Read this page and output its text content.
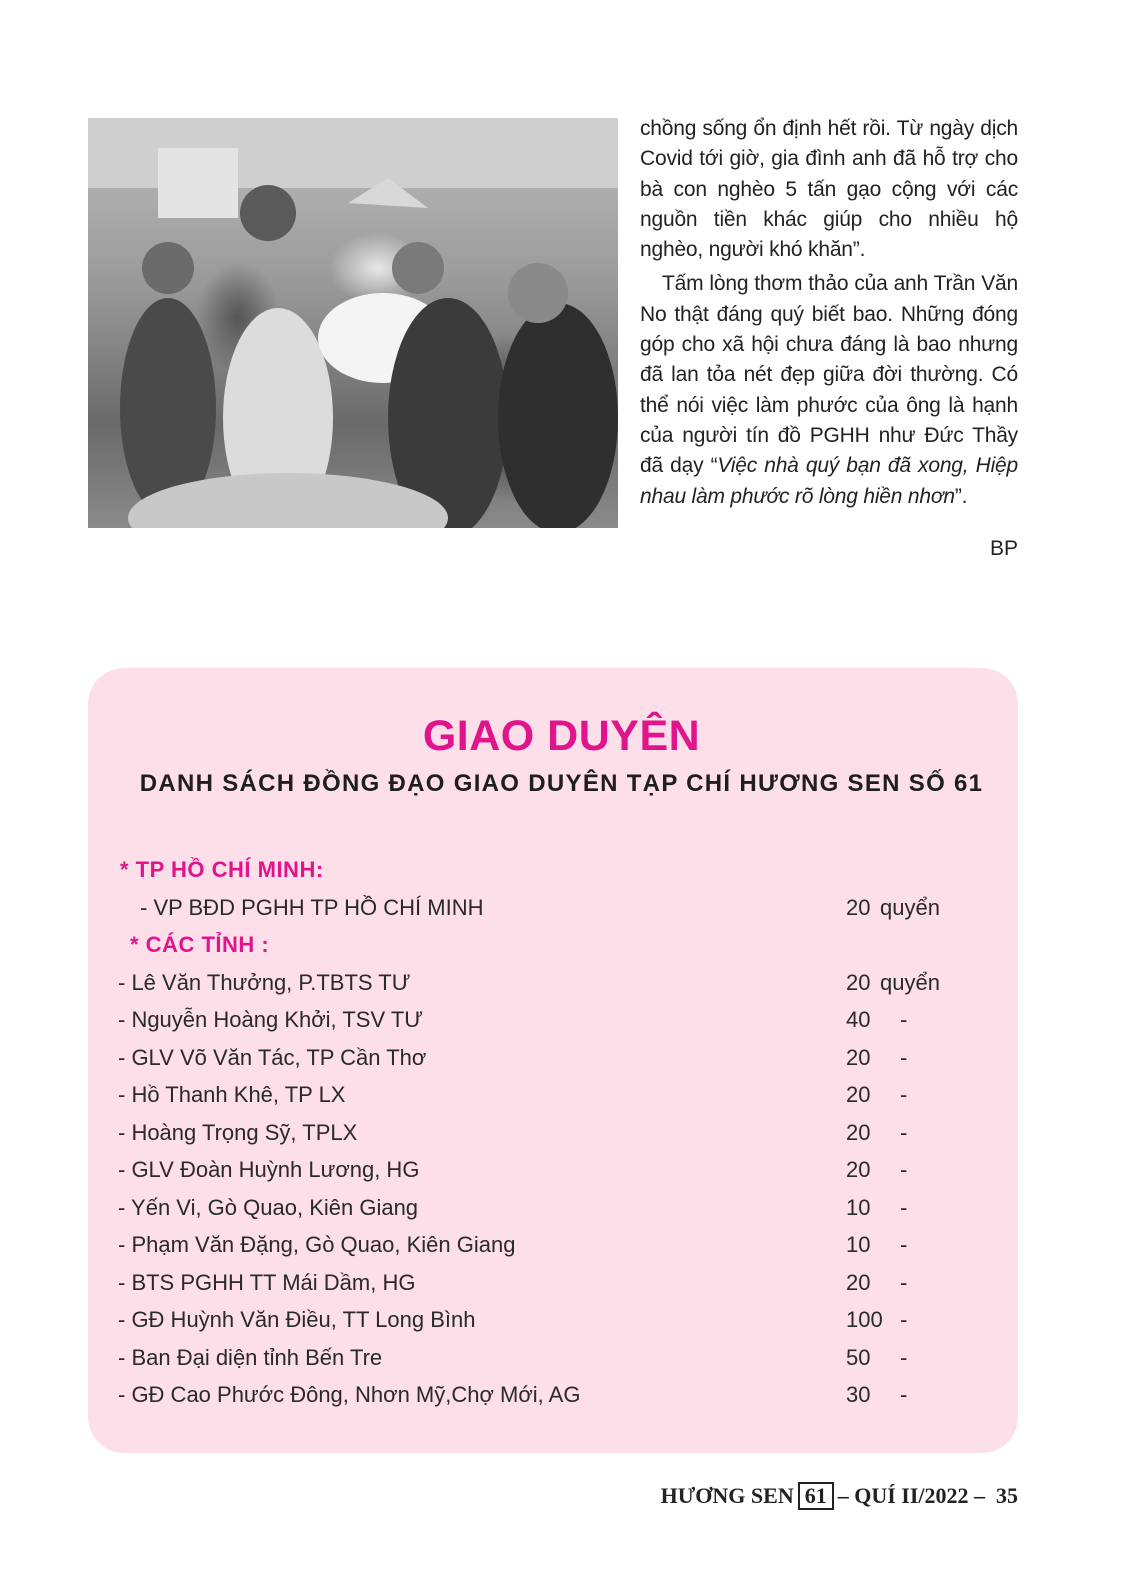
chồng sống ổn định hết rồi. Từ ngày dịch Covid tới giờ, gia đình anh đã hỗ trợ cho bà con nghèo 5 tấn gạo cộng với các nguồn tiền khác giúp cho nhiều hộ nghèo, người khó khăn”.

Tấm lòng thơm thảo của anh Trần Văn No thật đáng quý biết bao. Những đóng góp cho xã hội chưa đáng là bao nhưng đã lan tỏa nét đẹp giữa đời thường. Có thể nói việc làm phước của ông là hạnh của người tín đồ PGHH như Đức Thầy đã dạy “Việc nhà quý bạn đã xong, Hiệp nhau làm phước rõ lòng hiền nhơn”.

BP
GIAO DUYÊN
DANH SÁCH ĐỒNG ĐẠO GIAO DUYÊN TẠP CHÍ HƯƠNG SEN SỐ 61
* TP HỒ CHÍ MINH:
- VP BĐD PGHH TP HỒ CHÍ MINH	20 quyển
* CÁC TỈNH :
- Lê Văn Thưởng, P.TBTS TƯ	20 quyển
- Nguyễn Hoàng Khởi, TSV TƯ	40	-
- GLV Võ Văn Tác, TP Cần Thơ	20	-
- Hồ Thanh Khê, TP LX	20	-
- Hoàng Trọng Sỹ, TPLX	20	-
- GLV Đoàn Huỳnh Lương, HG	20	-
- Yến Vi, Gò Quao, Kiên Giang	10	-
- Phạm Văn Đặng, Gò Quao, Kiên Giang	10	-
- BTS PGHH TT Mái Dầm, HG	20	-
- GĐ Huỳnh Văn Điều, TT Long Bình	100 -
- Ban Đại diện tỉnh Bến Tre	50	-
- GĐ Cao Phước Đông, Nhơn Mỹ,Chợ Mới, AG	30	-
HƯƠNG SEN 61 – QUÍ II/2022 – 35
